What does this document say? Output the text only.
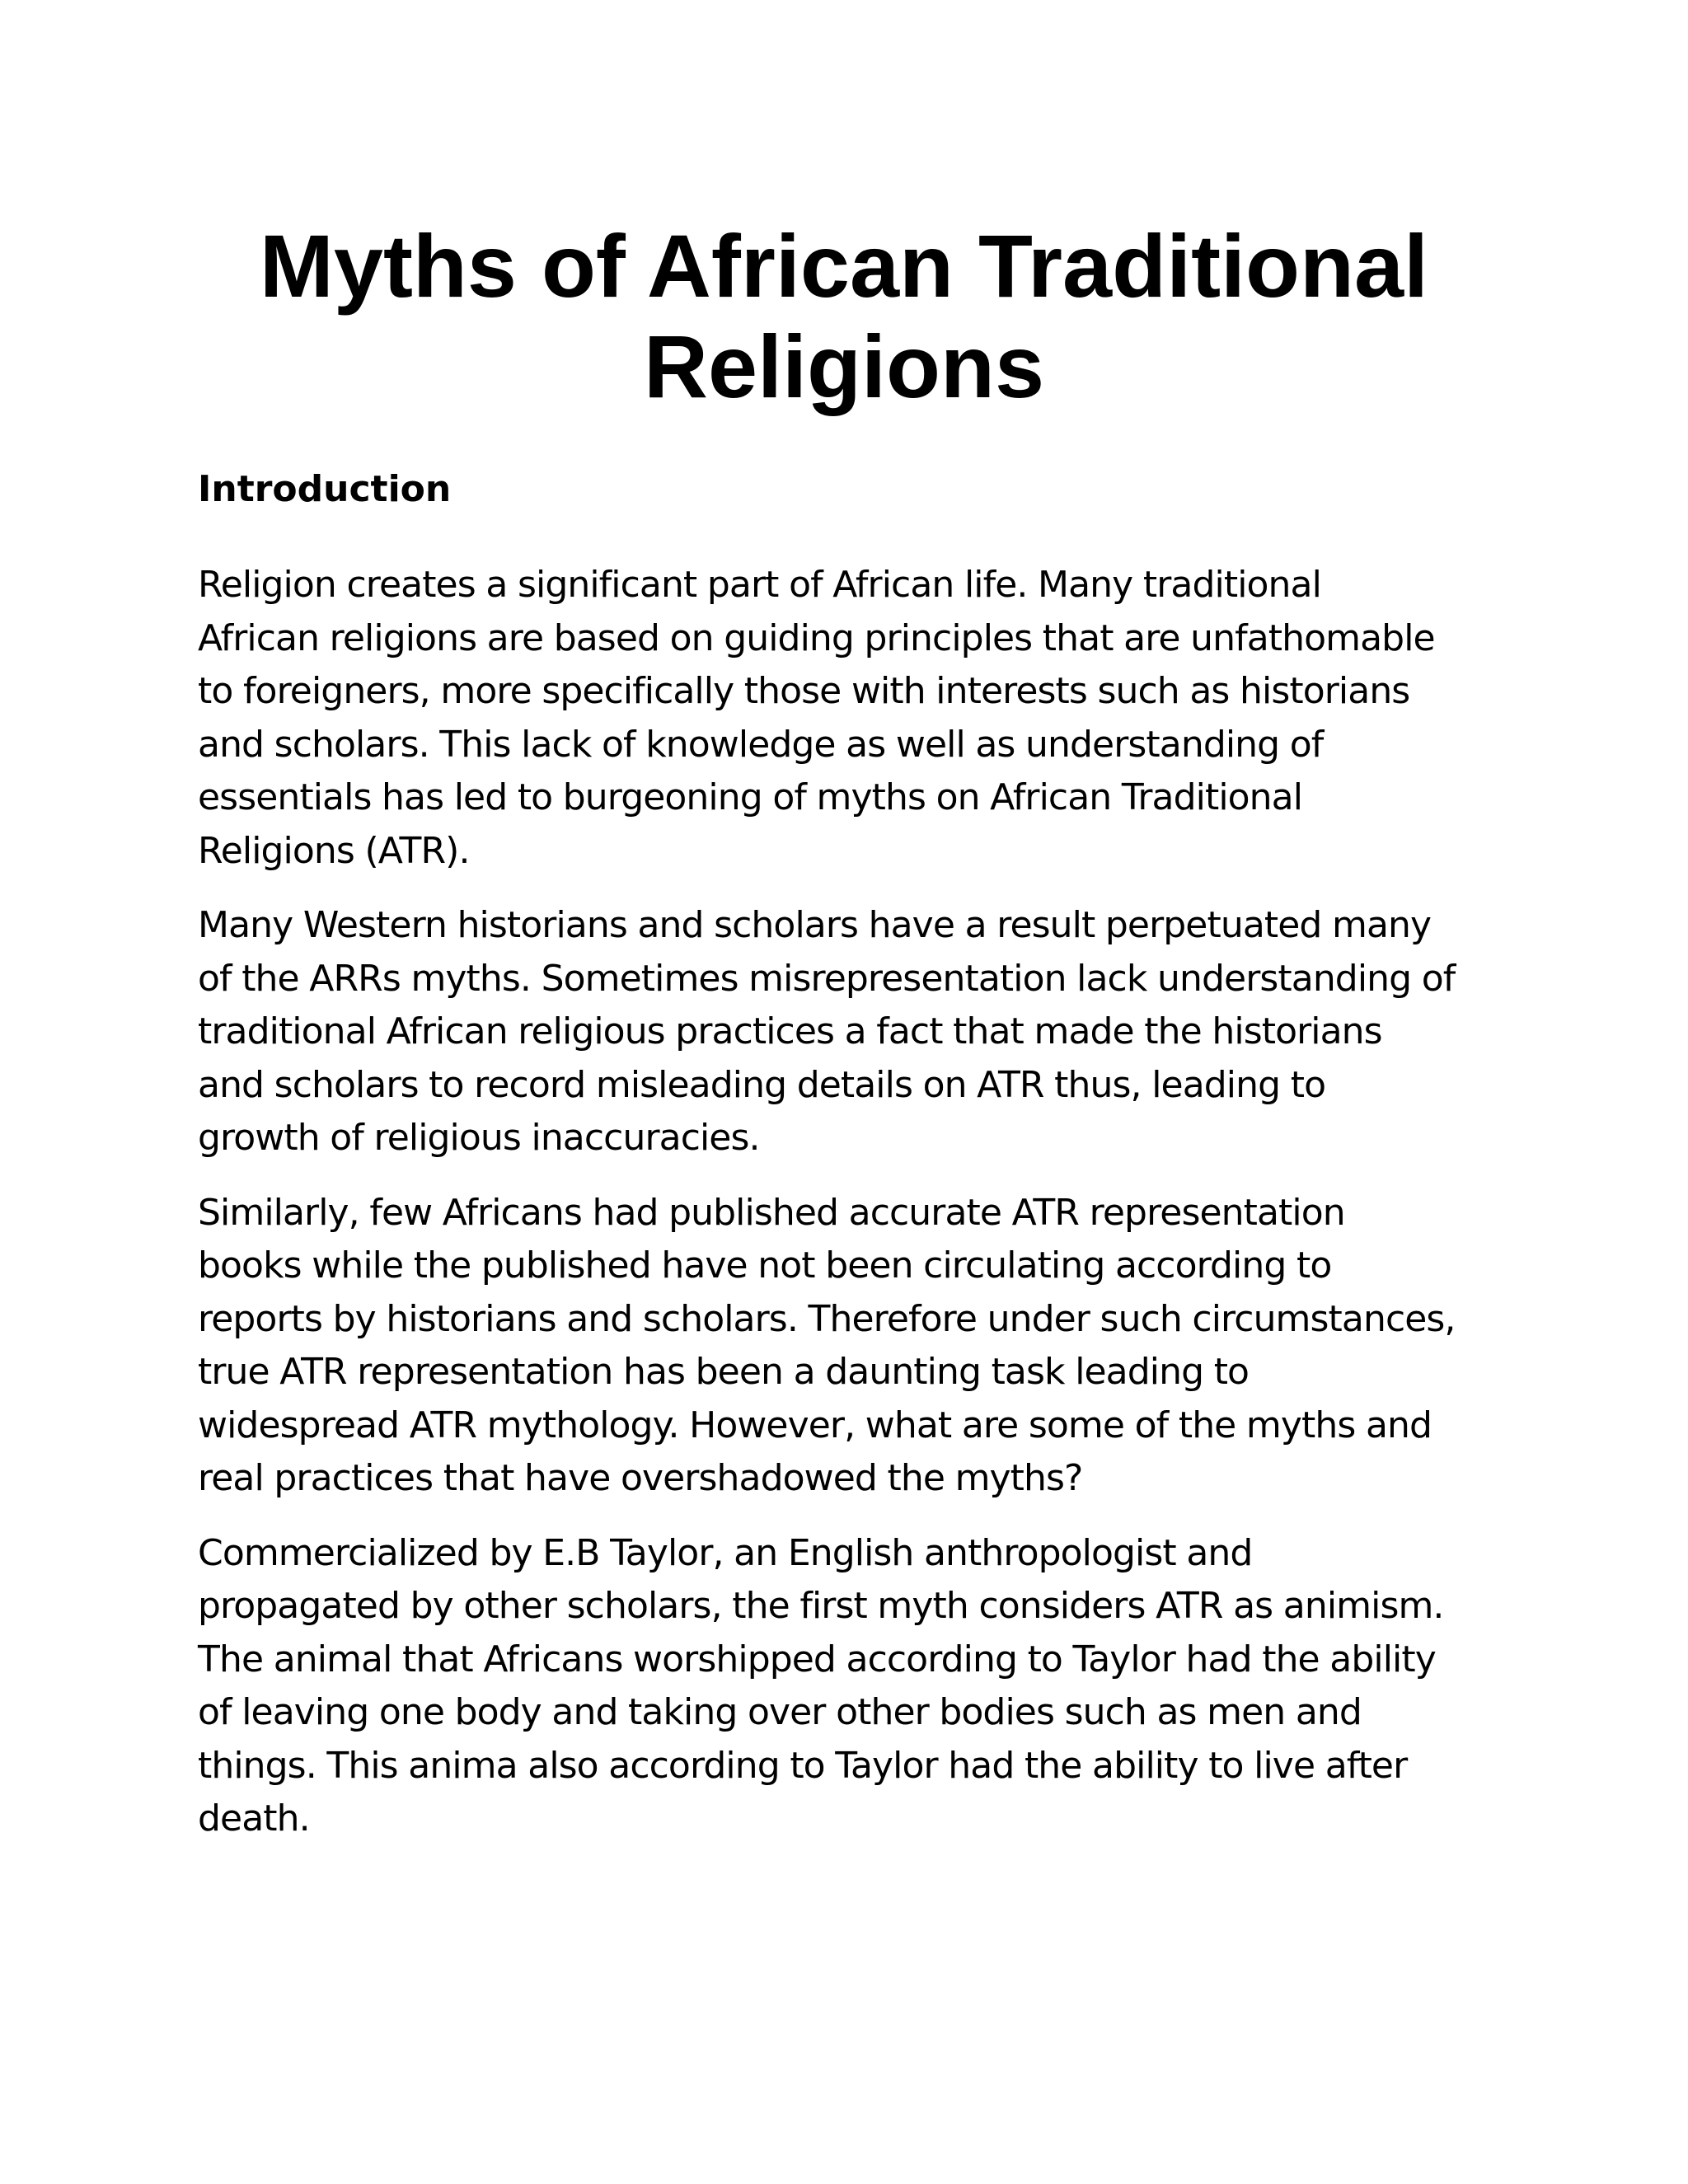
Myths of African Traditional
Religions

Introduction

Religion creates a significant part of African life. Many traditional
African religions are based on guiding principles that are unfathomable
to foreigners, more specifically those with interests such as historians
and scholars. This lack of knowledge as well as understanding of
essentials has led to burgeoning of myths on African Traditional
Religions (ATR).

Many Western historians and scholars have a result perpetuated many
of the ARRs myths. Sometimes misrepresentation lack understanding of
traditional African religious practices a fact that made the historians
and scholars to record misleading details on ATR thus, leading to
growth of religious inaccuracies.

Similarly, few Africans had published accurate ATR representation
books while the published have not been circulating according to
reports by historians and scholars. Therefore under such circumstances,
true ATR representation has been a daunting task leading to
widespread ATR mythology. However, what are some of the myths and
real practices that have overshadowed the myths?

Commercialized by E.B Taylor, an English anthropologist and
propagated by other scholars, the first myth considers ATR as animism.
The animal that Africans worshipped according to Taylor had the ability
of leaving one body and taking over other bodies such as men and
things. This anima also according to Taylor had the ability to live after
death.
